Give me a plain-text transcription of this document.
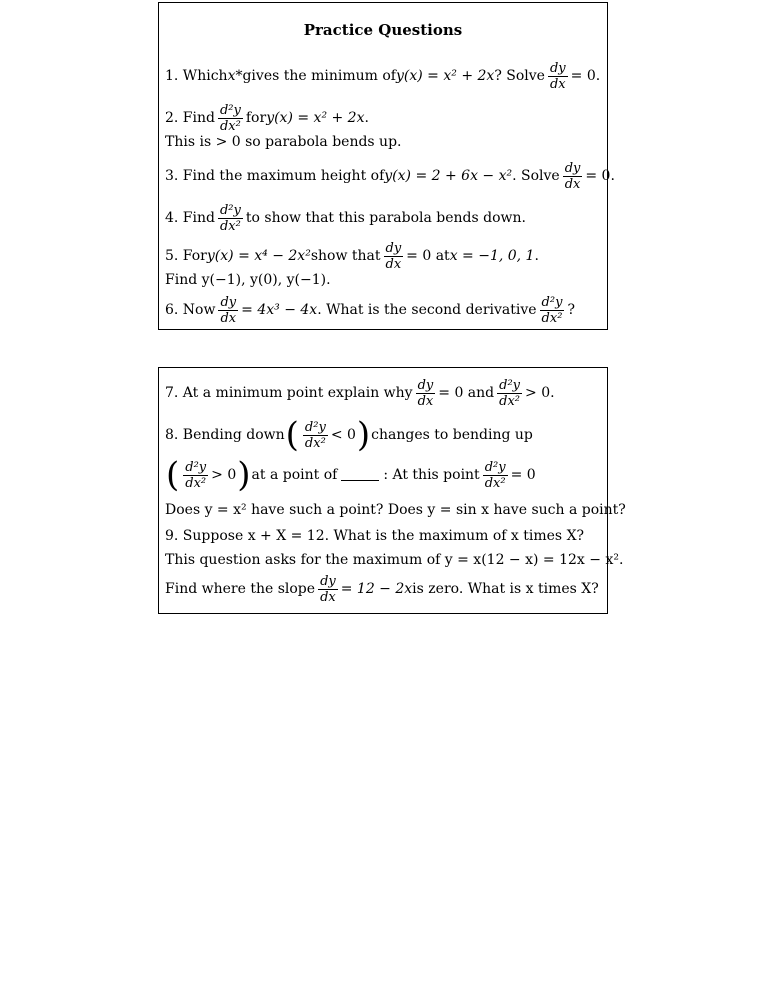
Practice Questions
1. Which x* gives the minimum of y(x) = x² + 2x ? Solve $\frac{dy}{dx} = 0$.
2. Find $\frac{\text{d²y}}{\text{dx²}}$ for y(x) = x² + 2x .
This is > 0 so parabola bends up.
3. Find the maximum height of y(x) = 2 + 6x − x² . Solve $\frac{dy}{dx} = 0$.
4. Find $\frac{\text{d²y}}{\text{dx²}}$ to show that this parabola bends down.
5. For y(x) = x⁴ − 2x² show that $\frac{dy}{dx} = 0$ at x = −1, 0, 1 .
Find y(−1), y(0), y(−1).
6. Now $\frac{dy}{dx} = 4x^3 - 4x$ . What is the second derivative $\frac{\text{d²y}}{\text{dx²}}$ ?
7. At a minimum point explain why $\frac{dy}{dx} = 0$ and $\frac{\text{d²y}}{\text{dx²}} > 0$.
8. Bending down ( $\frac{\text{d²y}}{\text{dx²}} < 0$ ) changes to bending up
( $\frac{\text{d²y}}{\text{dx²}} > 0$ ) at a point of	: At this point $\frac{\text{d²y}}{\text{dx²}} = 0$
Does y = x² have such a point? Does y = sin x have such a point?
9. Suppose x + X = 12. What is the maximum of x times X?
This question asks for the maximum of y = x(12 − x) = 12x − x².
Find where the slope $\frac{dy}{dx} = 12 - 2x$ is zero. What is x times X?
